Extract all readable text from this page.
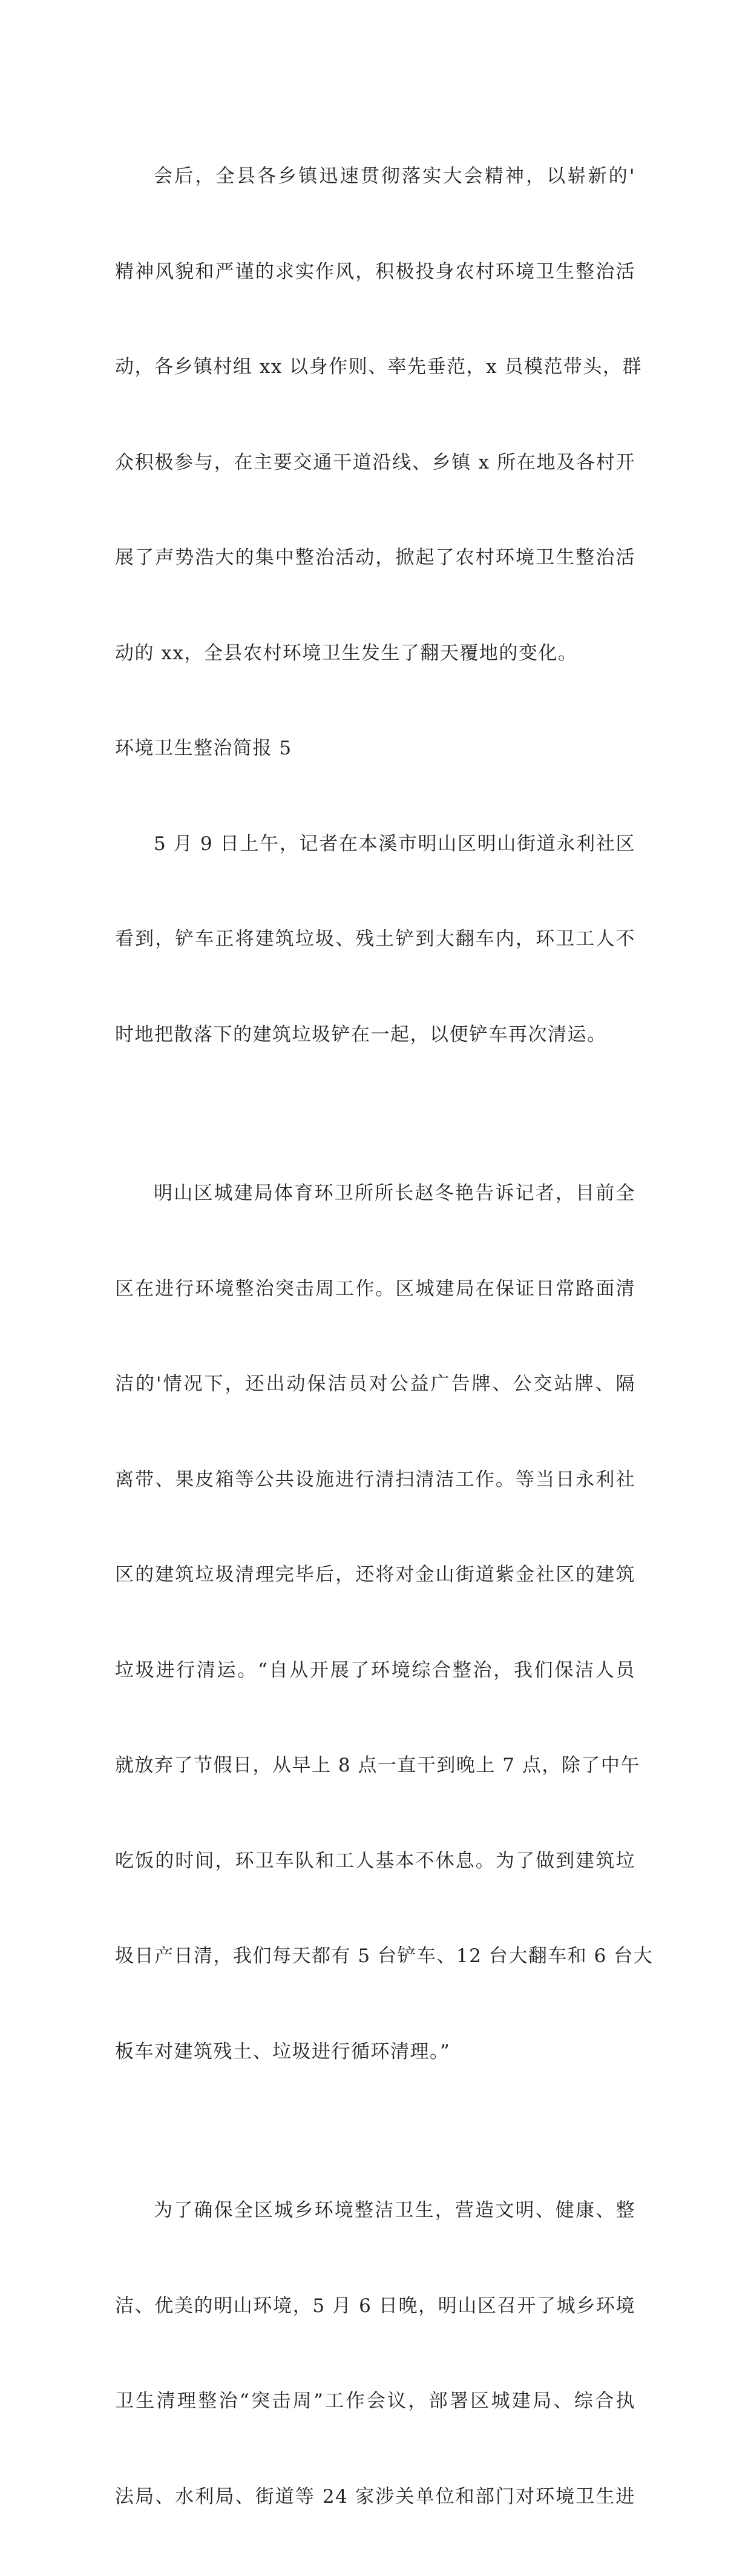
会后，全县各乡镇迅速贯彻落实大会精神，以崭新的'

精神风貌和严谨的求实作风，积极投身农村环境卫生整治活

动，各乡镇村组 xx 以身作则、率先垂范，x 员模范带头，群

众积极参与，在主要交通干道沿线、乡镇 x 所在地及各村开

展了声势浩大的集中整治活动，掀起了农村环境卫生整治活

动的 xx，全县农村环境卫生发生了翻天覆地的变化。

环境卫生整治简报 5

5 月 9 日上午，记者在本溪市明山区明山街道永利社区

看到，铲车正将建筑垃圾、残土铲到大翻车内，环卫工人不

时地把散落下的建筑垃圾铲在一起，以便铲车再次清运。

明山区城建局体育环卫所所长赵冬艳告诉记者，目前全

区在进行环境整治突击周工作。区城建局在保证日常路面清

洁的'情况下，还出动保洁员对公益广告牌、公交站牌、隔

离带、果皮箱等公共设施进行清扫清洁工作。等当日永利社

区的建筑垃圾清理完毕后，还将对金山街道紫金社区的建筑

垃圾进行清运。“自从开展了环境综合整治，我们保洁人员

就放弃了节假日，从早上 8 点一直干到晚上 7 点，除了中午

吃饭的时间，环卫车队和工人基本不休息。为了做到建筑垃

圾日产日清，我们每天都有 5 台铲车、12 台大翻车和 6 台大

板车对建筑残土、垃圾进行循环清理。”

为了确保全区城乡环境整洁卫生，营造文明、健康、整

洁、优美的明山环境，5 月 6 日晚，明山区召开了城乡环境

卫生清理整治“突击周”工作会议，部署区城建局、综合执

法局、水利局、街道等 24 家涉关单位和部门对环境卫生进
